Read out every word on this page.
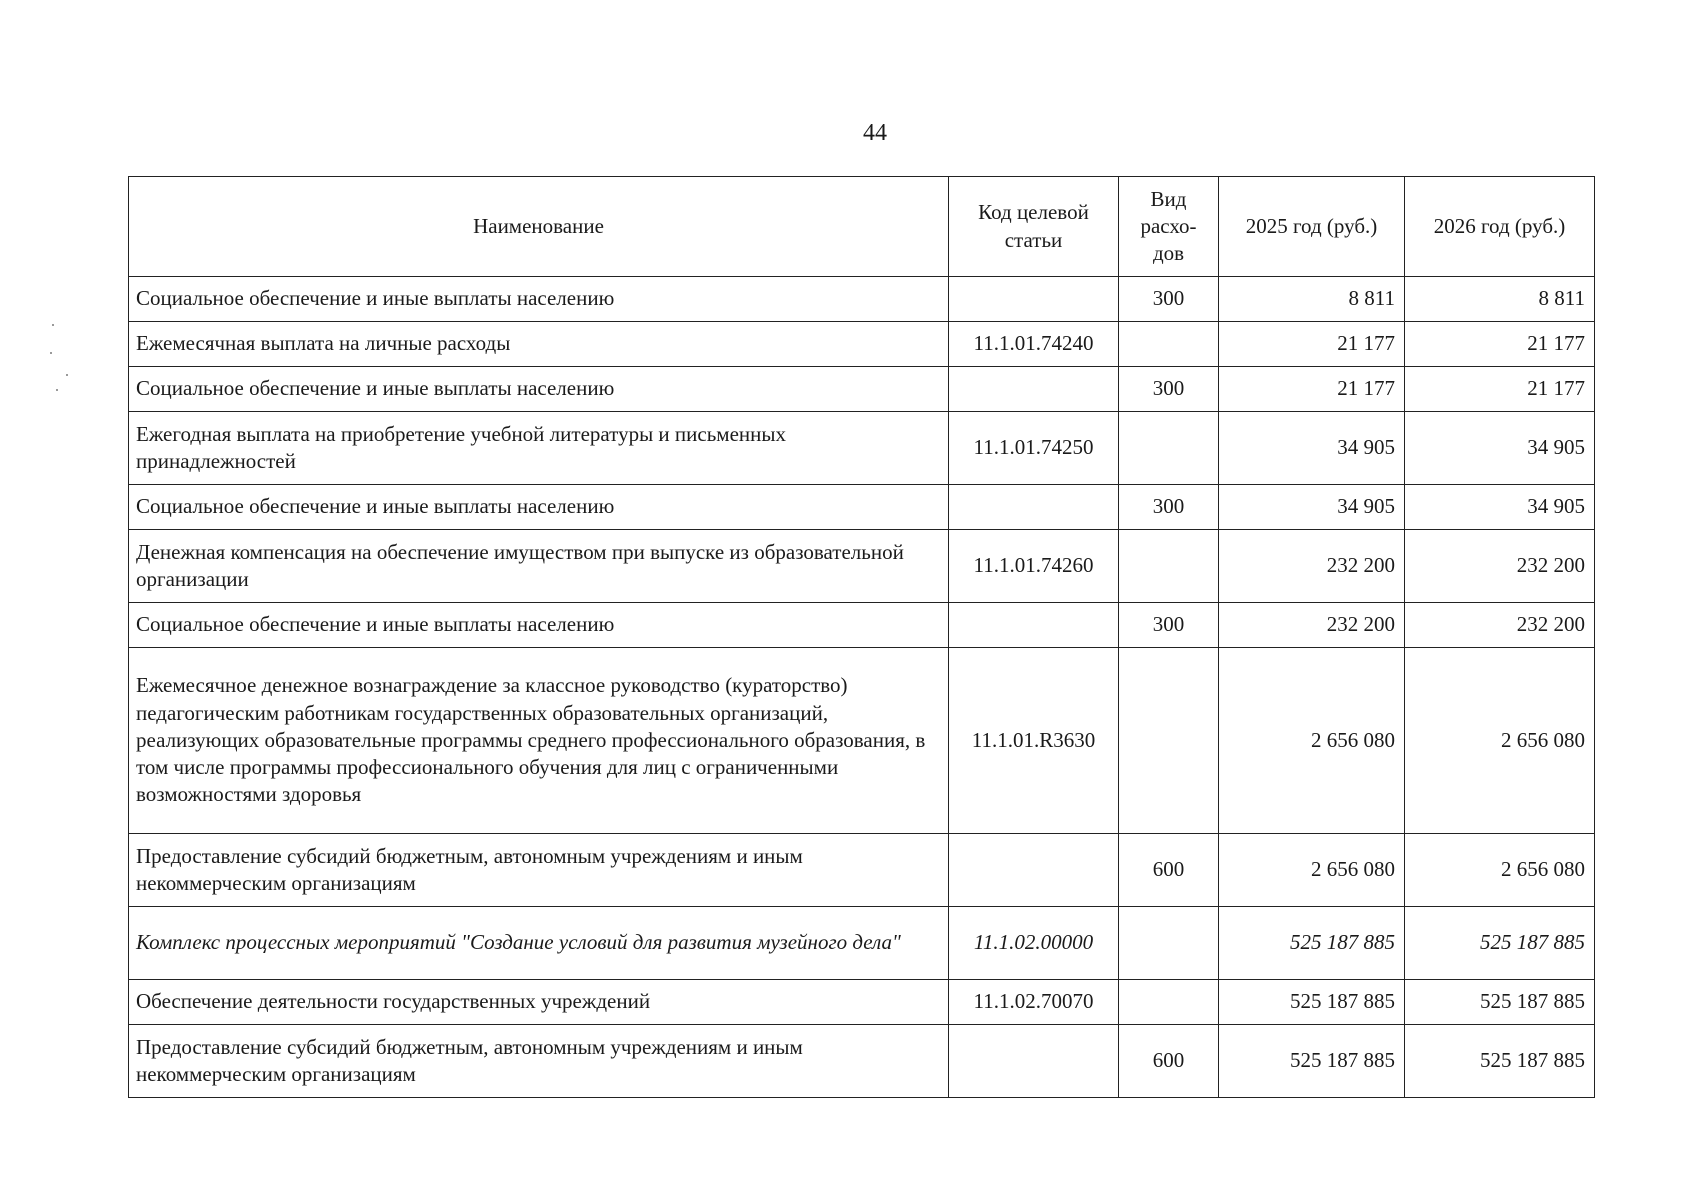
44
Наименование	Код целевой статьи	Вид расхо-дов	2025 год (руб.)	2026 год (руб.)
Социальное обеспечение и иные выплаты населению		300	8 811	8 811
Ежемесячная выплата на личные расходы	11.1.01.74240		21 177	21 177
Социальное обеспечение и иные выплаты населению		300	21 177	21 177
Ежегодная выплата на приобретение учебной литературы и письменных принадлежностей	11.1.01.74250		34 905	34 905
Социальное обеспечение и иные выплаты населению		300	34 905	34 905
Денежная компенсация на обеспечение имуществом при выпуске из образовательной организации	11.1.01.74260		232 200	232 200
Социальное обеспечение и иные выплаты населению		300	232 200	232 200
Ежемесячное денежное вознаграждение за классное руководство (кураторство) педагогическим работникам государственных образовательных организаций, реализующих образовательные программы среднего профессионального образования, в том числе программы профессионального обучения для лиц с ограниченными возможностями здоровья	11.1.01.R3630		2 656 080	2 656 080
Предоставление субсидий бюджетным, автономным учреждениям и иным некоммерческим организациям		600	2 656 080	2 656 080
Комплекс процессных мероприятий "Создание условий для развития музейного дела"	11.1.02.00000		525 187 885	525 187 885
Обеспечение деятельности государственных учреждений	11.1.02.70070		525 187 885	525 187 885
Предоставление субсидий бюджетным, автономным учреждениям и иным некоммерческим организациям		600	525 187 885	525 187 885
